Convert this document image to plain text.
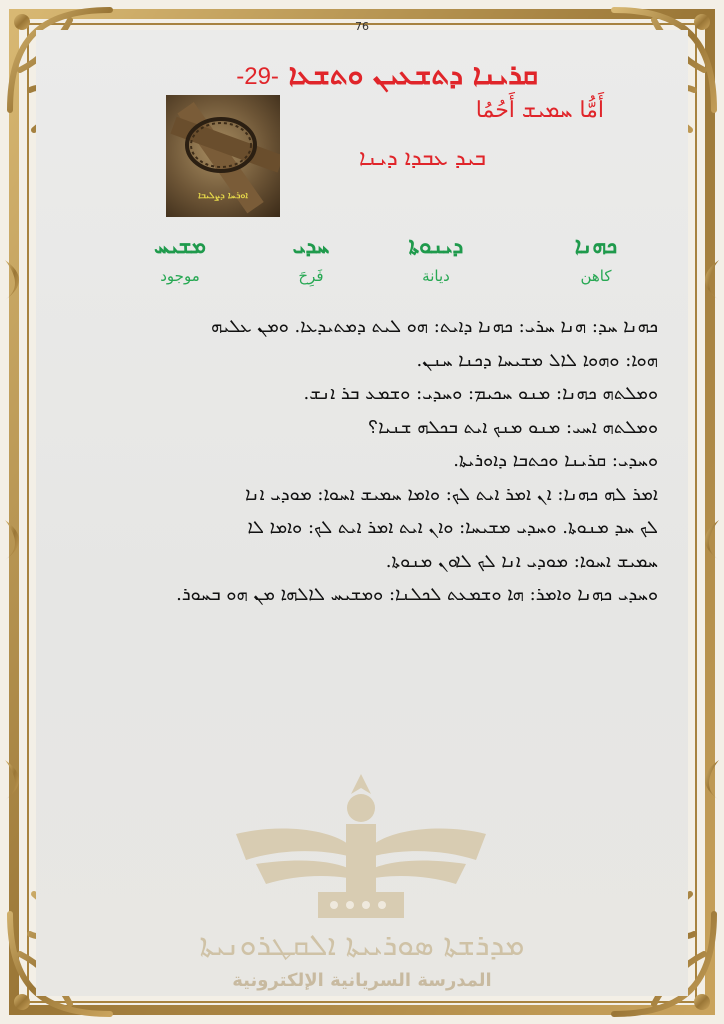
76
ܩܪܝܢܐ ܕܬܫܥܝܢ ܘܬܫܥܐ -29-
أَمُّا ܚܡܝܫ أَحُمُا
ܒܝܕ ܥܒܕܐ ܕܝܢܐ
ܐܘܪܚܐ ܕܨܠܝܒܐ
ܟܗܢܐ
كاهن
ܕܝܢܘܬܐ
ديانة
ܚܕܝ
فَرِحَ
ܡܫܝܚ
موجود
ܟܗܢܐ ܚܕ: ܗܢܐ ܚܪܝ: ܟܗܢܐ ܕܐܝܬ: ܗܘ ܠܝܬ ܕܡܬܝܕܥܐ. ܘܡܢ ܥܠܝܗ
ܗܘܐ: ܘܗܘܐ ܠܐܠ ܡܫܝܚܐ ܕܟܢܐ ܚܢܢ.
ܘܡܠܬܗ ܟܗܢܐ: ܡܢܘ ܚܟܝܡ: ܘܚܕܝ: ܘܫܡܥ ܒܪ ܐܢܫ.
ܘܡܠܬܗ ܐܚܝ: ܡܢܘ ܡܢܟ ܐܝܬ ܒܟܠܗ ܫܢܝܐ؟
ܘܚܕܝ: ܩܪܝܢܐ ܘܟܬܒܐ ܕܐܘܪܝܬܐ.
ܐܡܪ ܠܗ ܟܗܢܐ: ܐܢ ܐܡܪ ܐܝܬ ܠܟ: ܘܐܡܐ ܚܡܝܫ ܐܚܘܐ: ܡܘܕܝ ܐܢܐ
ܠܟ ܚܕ ܡܢܘܬܐ. ܘܚܕܝ ܡܫܝܚܐ: ܘܐܢ ܐܝܬ ܐܡܪ ܐܝܬ ܠܟ: ܘܐܡܐ ܠܐ
ܚܡܝܫ ܐܚܘܐ: ܡܘܕܝ ܐܢܐ ܠܟ ܠܐܘܢ ܡܢܘܬܐ.
ܘܚܕܝ ܟܗܢܐ ܘܐܡܪ: ܗܐ ܘܫܡܥܬ ܠܟܠܢܐ: ܘܡܫܝܚ ܠܐܠܗܐ ܡܢ ܗܘ ܒܚܘܪ.
ܡܕܪܫܬܐ ܣܘܪܝܝܬܐ ܐܠܩܛܪܘܢܝܬܐ
المدرسة السريانية الإلكترونية
